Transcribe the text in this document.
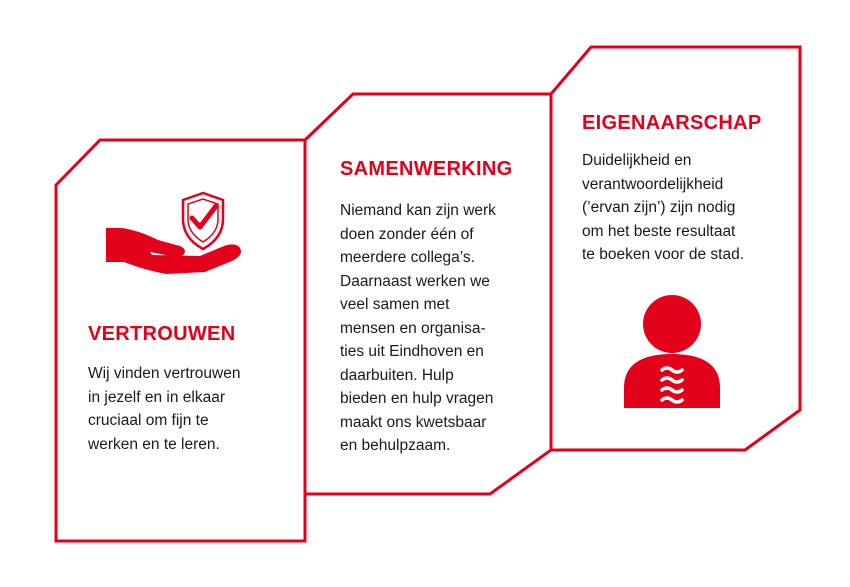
VERTROUWEN

Wij vinden vertrouwen
in jezelf en in elkaar
cruciaal om fijn te
werken en te leren.

SAMENWERKING

Niemand kan zijn werk
doen zonder één of
meerdere collega’s.
Daarnaast werken we
veel samen met
mensen en organisa-
ties uit Eindhoven en
daarbuiten. Hulp
bieden en hulp vragen
maakt ons kwetsbaar
en behulpzaam.

EIGENAARSCHAP

Duidelijkheid en
verantwoordelijkheid
(’ervan zijn’) zijn nodig
om het beste resultaat
te boeken voor de stad.
